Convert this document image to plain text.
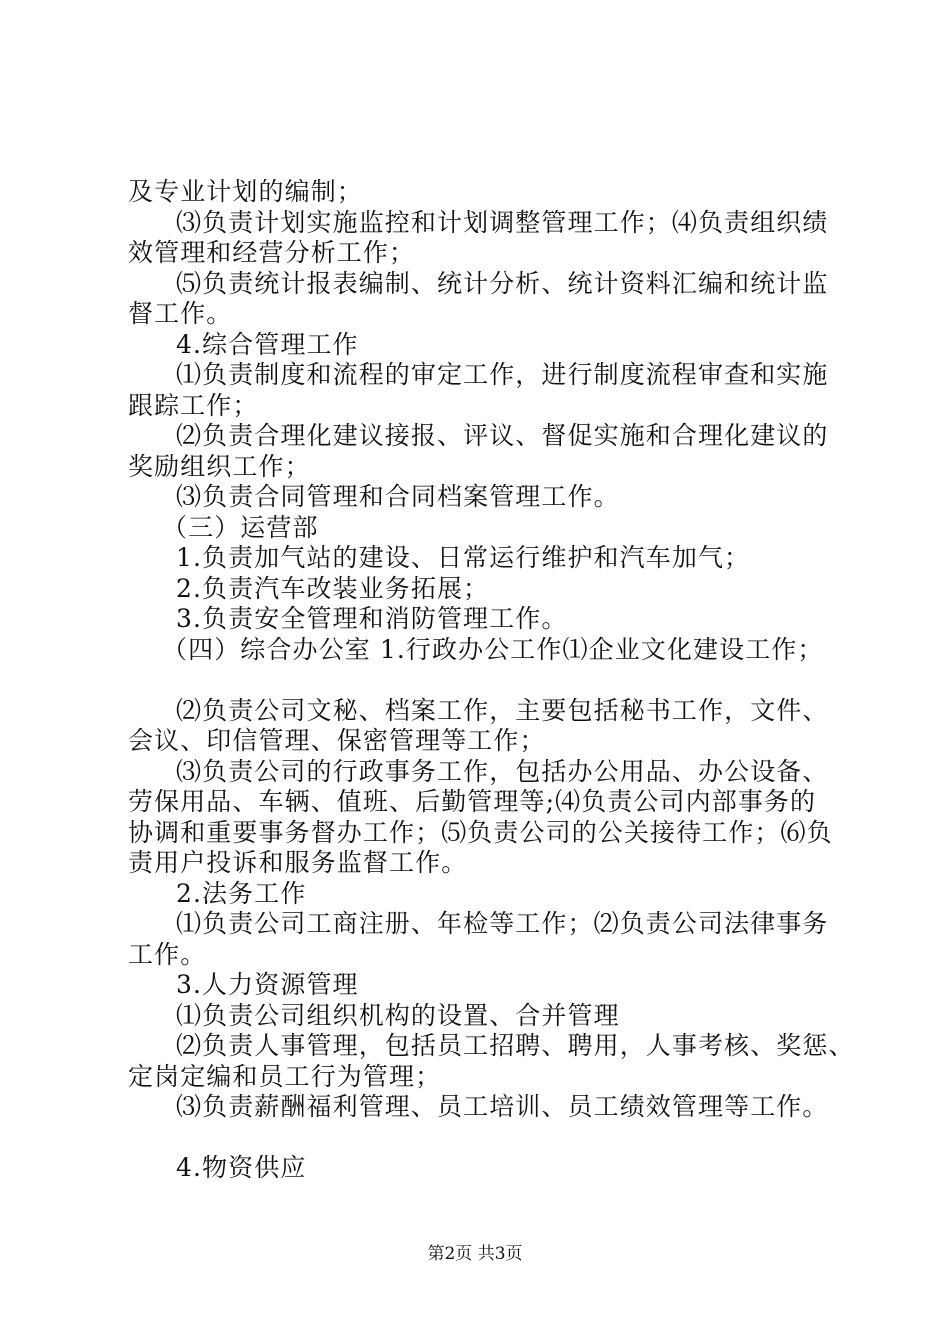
及专业计划的编制；
⑶负责计划实施监控和计划调整管理工作；⑷负责组织绩
效管理和经营分析工作；
⑸负责统计报表编制、统计分析、统计资料汇编和统计监
督工作。
4.综合管理工作
⑴负责制度和流程的审定工作，进行制度流程审查和实施
跟踪工作；
⑵负责合理化建议接报、评议、督促实施和合理化建议的
奖励组织工作；
⑶负责合同管理和合同档案管理工作。
（三）运营部
1.负责加气站的建设、日常运行维护和汽车加气；
2.负责汽车改装业务拓展；
3.负责安全管理和消防管理工作。
（四）综合办公室 1.行政办公工作⑴企业文化建设工作；
⑵负责公司文秘、档案工作，主要包括秘书工作，文件、
会议、印信管理、保密管理等工作；
⑶负责公司的行政事务工作，包括办公用品、办公设备、
劳保用品、车辆、值班、后勤管理等;⑷负责公司内部事务的
协调和重要事务督办工作；⑸负责公司的公关接待工作；⑹负
责用户投诉和服务监督工作。
2.法务工作
⑴负责公司工商注册、年检等工作；⑵负责公司法律事务
工作。
3.人力资源管理
⑴负责公司组织机构的设置、合并管理
⑵负责人事管理，包括员工招聘、聘用，人事考核、奖惩、
定岗定编和员工行为管理；
⑶负责薪酬福利管理、员工培训、员工绩效管理等工作。
4.物资供应
第2页 共3页
